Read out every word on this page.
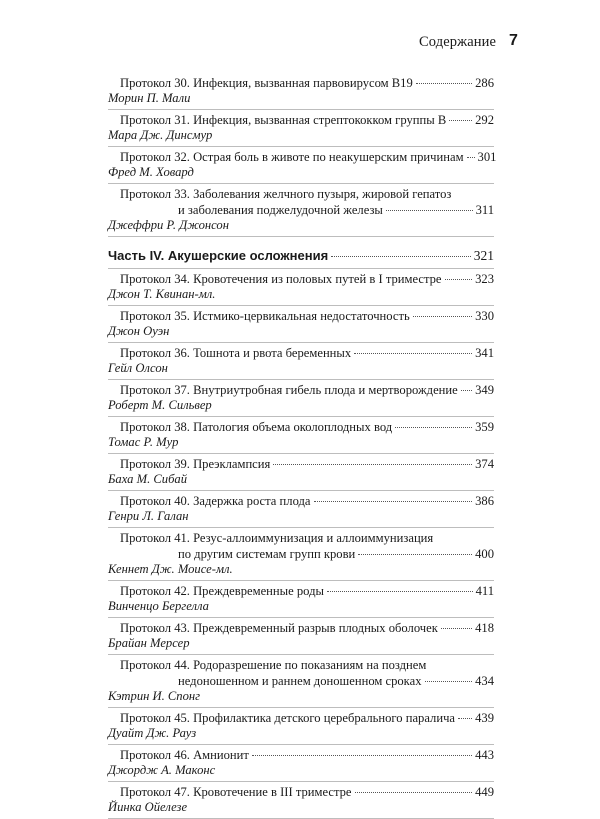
Содержание 7
Протокол 30. Инфекция, вызванная парвовирусом B19	286
Морин П. Мали
Протокол 31. Инфекция, вызванная стрептококком группы B 292
Мара Дж. Динсмур
Протокол 32. Острая боль в животе по неакушерским причинам 301
Фред М. Ховард
Протокол 33. Заболевания желчного пузыря, жировой гепатоз
и заболевания поджелудочной железы	311
Джеффри Р. Джонсон
Часть IV. Акушерские осложнения	321
Протокол 34. Кровотечения из половых путей в I триместре	323
Джон Т. Квинан-мл.
Протокол 35. Истмико-цервикальная недостаточность	330
Джон Оуэн
Протокол 36. Тошнота и рвота беременных	341
Гейл Олсон
Протокол 37. Внутриутробная гибель плода и мертворождение 349
Роберт М. Сильвер
Протокол 38. Патология объема околоплодных вод	359
Томас Р. Мур
Протокол 39. Преэклампсия	374
Баха М. Сибай
Протокол 40. Задержка роста плода	386
Генри Л. Галан
Протокол 41. Резус-аллоиммунизация и аллоиммунизация
по другим системам групп крови	400
Кеннет Дж. Моисе-мл.
Протокол 42. Преждевременные роды	411
Винченцо Бергелла
Протокол 43. Преждевременный разрыв плодных оболочек	418
Брайан Мерсер
Протокол 44. Родоразрешение по показаниям на позднем
недоношенном и раннем доношенном сроках	434
Кэтрин И. Спонг
Протокол 45. Профилактика детского церебрального паралича 439
Дуайт Дж. Рауз
Протокол 46. Амнионит	443
Джордж А. Маконс
Протокол 47. Кровотечение в III триместре	449
Йинка Ойелезе
